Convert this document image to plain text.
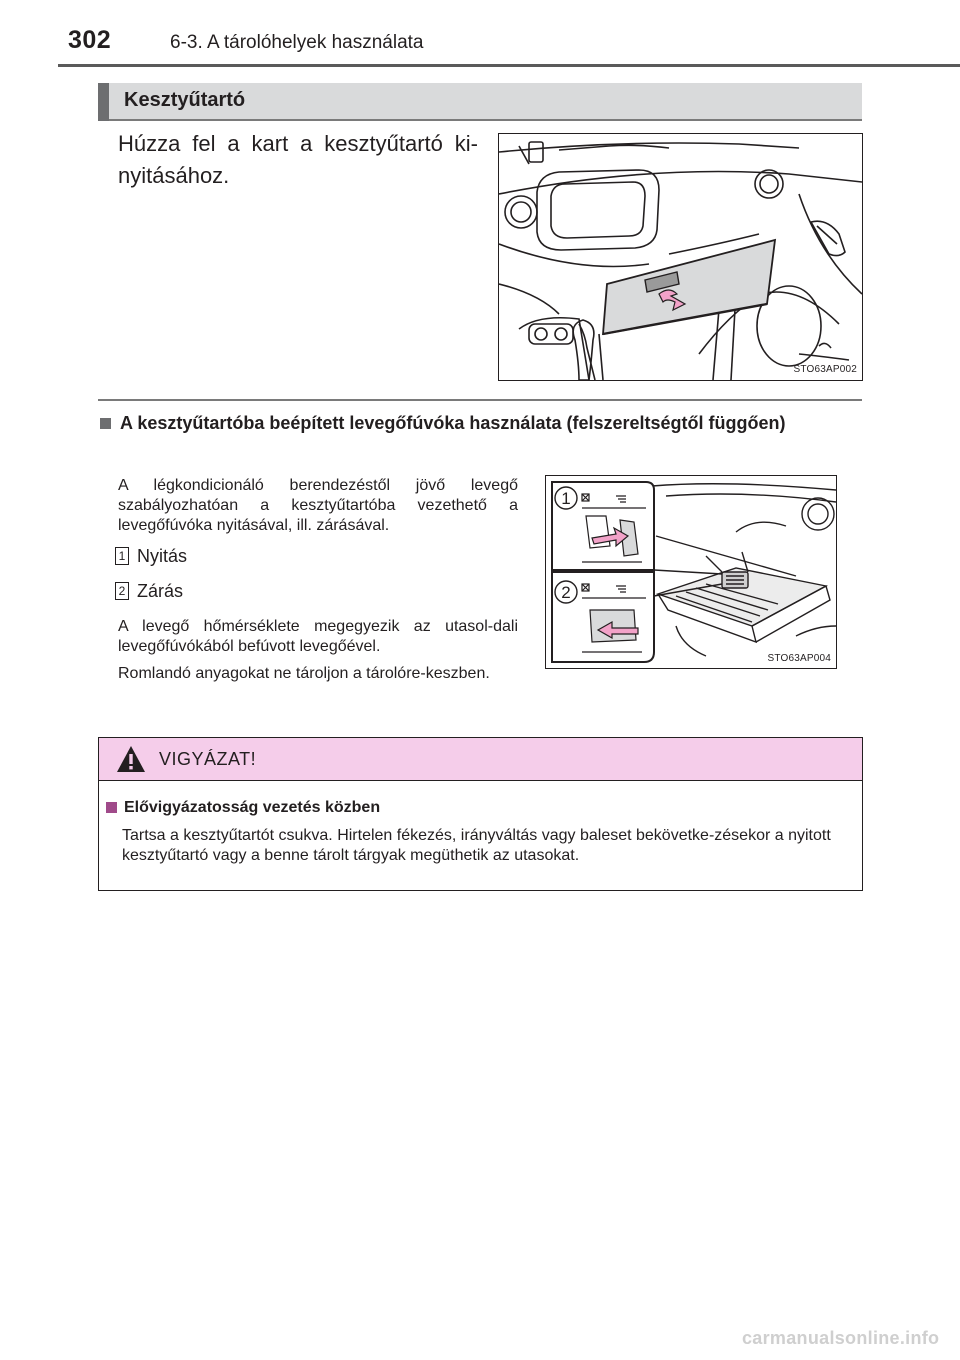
302	6-3. A tárolóhelyek használata
Kesztyűtartó
Húzza fel a kart a kesztyűtartó ki-nyitásához.
STO63AP002
A kesztyűtartóba beépített levegőfúvóka használata (felszereltségtől függően)
A légkondicionáló berendezéstől jövő levegő szabályozhatóan a kesztyűtartóba vezethető a levegőfúvóka nyitásával, ill. zárásával.
1 Nyitás
2 Zárás
A levegő hőmérséklete megegyezik az utasol-dali levegőfúvókából befúvott levegőével.
Romlandó anyagokat ne tároljon a tárolóre-keszben.
1
2
STO63AP004
VIGYÁZAT!
Elővigyázatosság vezetés közben
Tartsa a kesztyűtartót csukva. Hirtelen fékezés, irányváltás vagy baleset bekövetke-zésekor a nyitott kesztyűtartó vagy a benne tárolt tárgyak megüthetik az utasokat.
carmanualsonline.info
